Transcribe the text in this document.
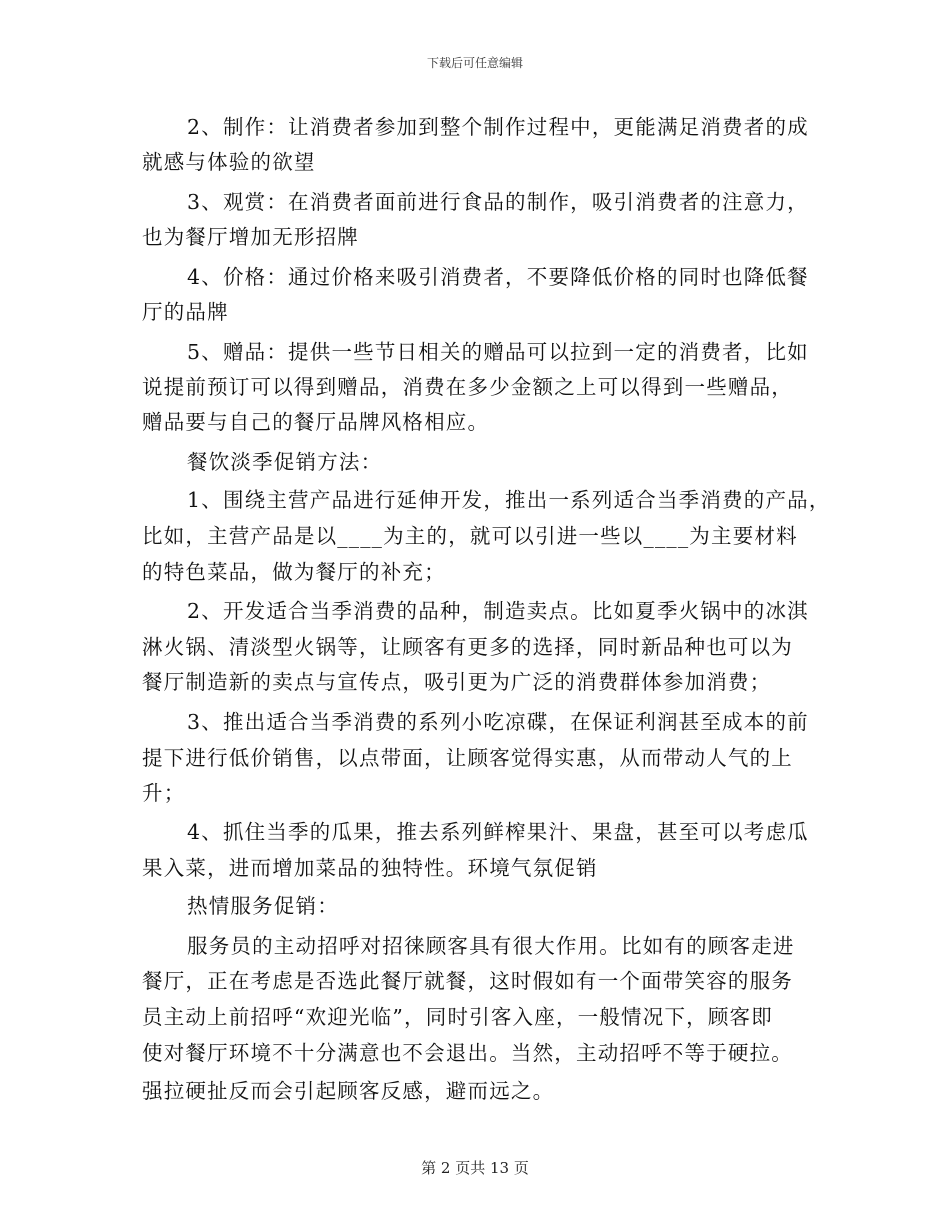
下载后可任意编辑
2、制作：让消费者参加到整个制作过程中，更能满足消费者的成
就感与体验的欲望
3、观赏：在消费者面前进行食品的制作，吸引消费者的注意力，
也为餐厅增加无形招牌
4、价格：通过价格来吸引消费者，不要降低价格的同时也降低餐
厅的品牌
5、赠品：提供一些节日相关的赠品可以拉到一定的消费者，比如
说提前预订可以得到赠品，消费在多少金额之上可以得到一些赠品，
赠品要与自己的餐厅品牌风格相应。
餐饮淡季促销方法：
1、围绕主营产品进行延伸开发，推出一系列适合当季消费的产品，
比如，主营产品是以____为主的，就可以引进一些以____为主要材料
的特色菜品，做为餐厅的补充；
2、开发适合当季消费的品种，制造卖点。比如夏季火锅中的冰淇
淋火锅、清淡型火锅等，让顾客有更多的选择，同时新品种也可以为
餐厅制造新的卖点与宣传点，吸引更为广泛的消费群体参加消费；
3、推出适合当季消费的系列小吃凉碟，在保证利润甚至成本的前
提下进行低价销售，以点带面，让顾客觉得实惠，从而带动人气的上
升；
4、抓住当季的瓜果，推去系列鲜榨果汁、果盘，甚至可以考虑瓜
果入菜，进而增加菜品的独特性。环境气氛促销
热情服务促销：
服务员的主动招呼对招徕顾客具有很大作用。比如有的顾客走进
餐厅，正在考虑是否选此餐厅就餐，这时假如有一个面带笑容的服务
员主动上前招呼“欢迎光临”，同时引客入座，一般情况下，顾客即
使对餐厅环境不十分满意也不会退出。当然，主动招呼不等于硬拉。
强拉硬扯反而会引起顾客反感，避而远之。
第 2 页共 13 页
